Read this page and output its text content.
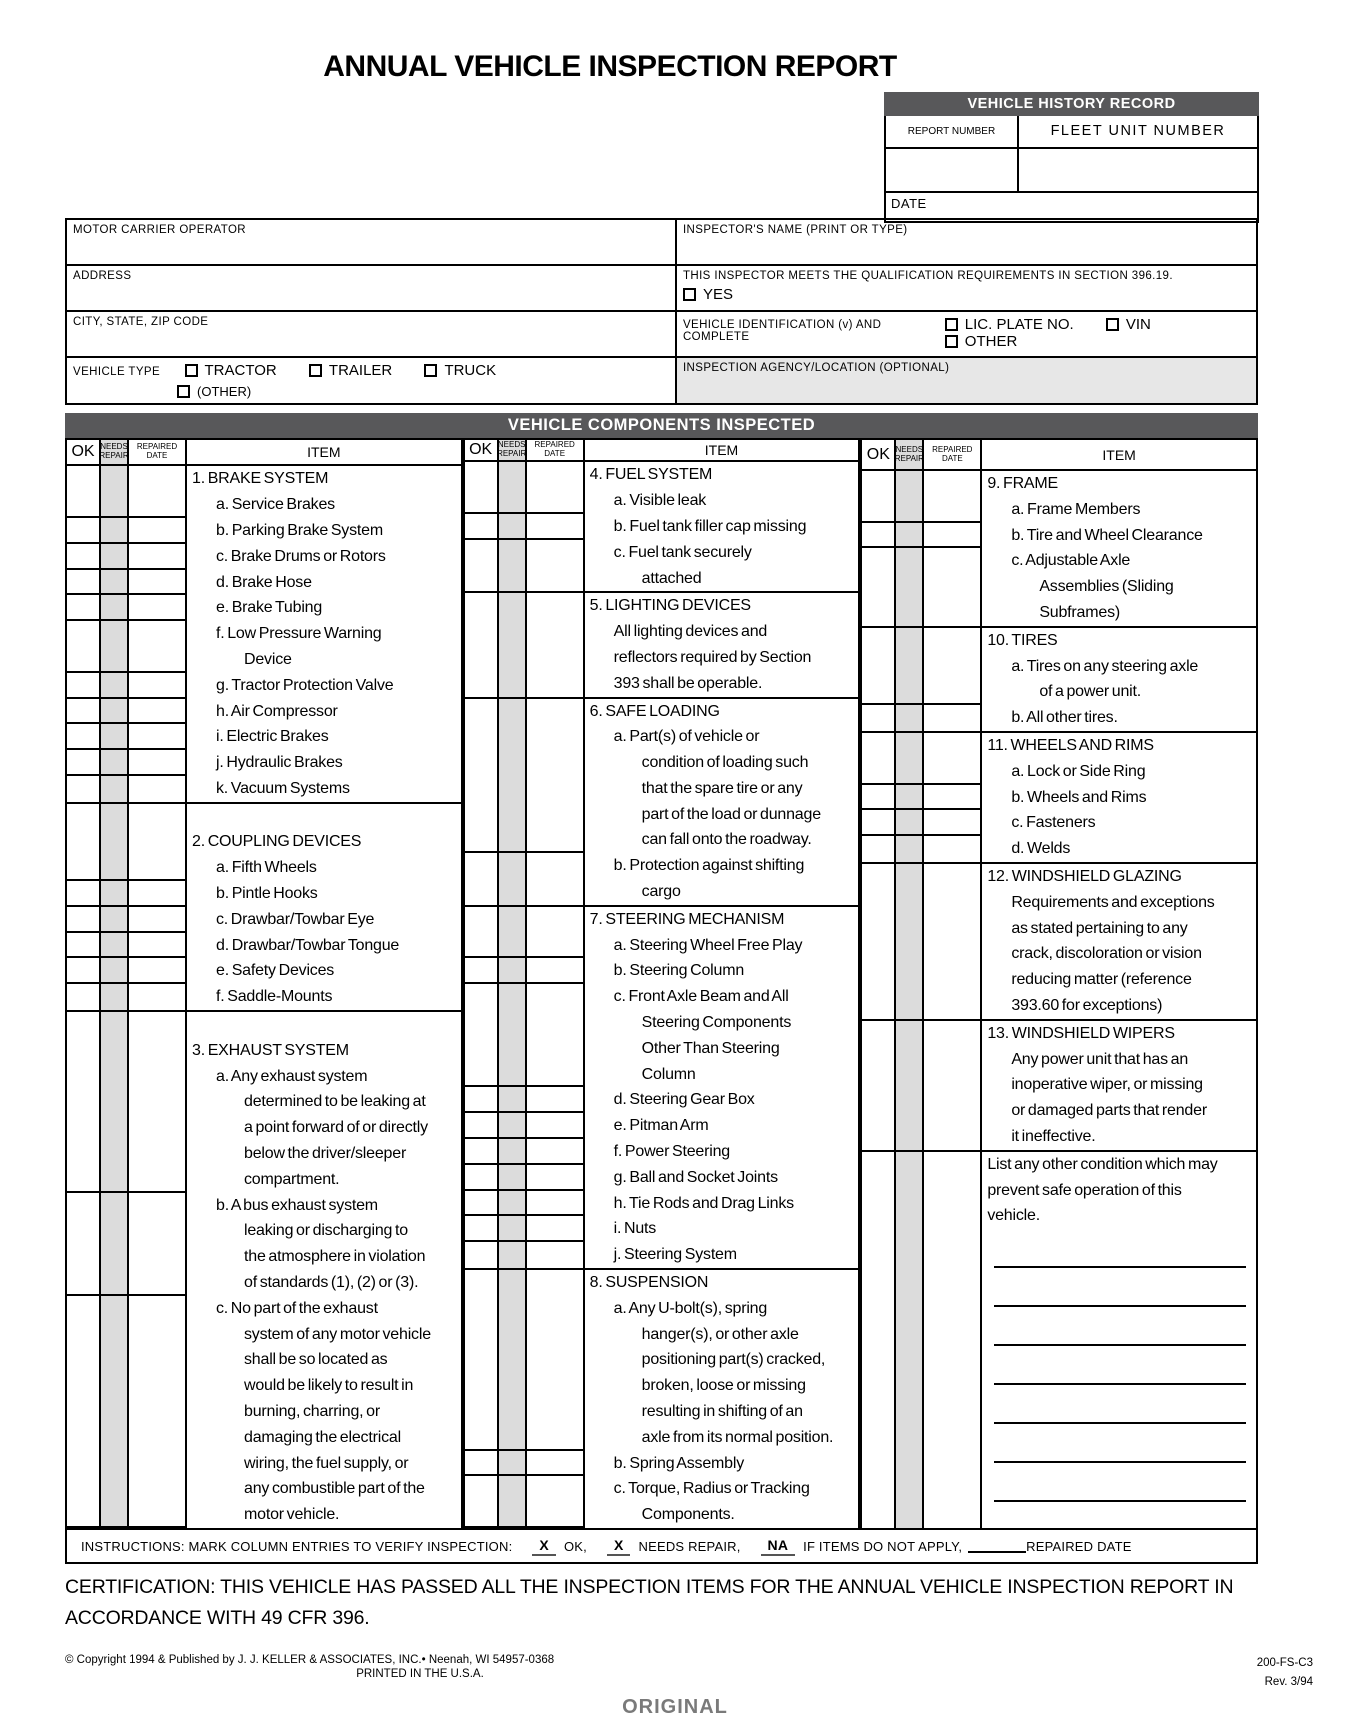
ANNUAL VEHICLE INSPECTION REPORT
VEHICLE HISTORY RECORD
REPORT NUMBER	FLEET UNIT NUMBER
DATE
MOTOR CARRIER OPERATOR	INSPECTOR'S NAME (PRINT OR TYPE)
ADDRESS	THIS INSPECTOR MEETS THE QUALIFICATION REQUIREMENTS IN SECTION 396.19.
YES
CITY, STATE, ZIP CODE	VEHICLE IDENTIFICATION (v) AND COMPLETE
LIC. PLATE NO.	VIN OTHER
VEHICLE TYPE	TRACTOR	TRAILER	TRUCK
(OTHER)
INSPECTION AGENCY/LOCATION (OPTIONAL)
VEHICLE COMPONENTS INSPECTED
OK NEEDS REPAIR
REPAIRED DATE	ITEM
1. BRAKE SYSTEM
a. Service Brakes
b. Parking Brake System
c. Brake Drums or Rotors
d. Brake Hose
e. Brake Tubing
f. Low Pressure Warning
Device
g. Tractor Protection Valve
h. Air Compressor
i. Electric Brakes
j. Hydraulic Brakes
k. Vacuum Systems

2. COUPLING DEVICES
a. Fifth Wheels
b. Pintle Hooks
c. Drawbar/Towbar Eye
d. Drawbar/Towbar Tongue
e. Safety Devices
f. Saddle-Mounts

3. EXHAUST SYSTEM
a. Any exhaust system
determined to be leaking at
a point forward of or directly
below the driver/sleeper
compartment.
b. A bus exhaust system
leaking or discharging to
the atmosphere in violation
of standards (1), (2) or (3).
c. No part of the exhaust
system of any motor vehicle
shall be so located as
would be likely to result in
burning, charring, or
damaging the electrical
wiring, the fuel supply, or
any combustible part of the
motor vehicle.
OK NEEDS REPAIR
REPAIRED DATE	ITEM
4. FUEL SYSTEM
a. Visible leak
b. Fuel tank filler cap missing
c. Fuel tank securely
attached
5. LIGHTING DEVICES
All lighting devices and
reflectors required by Section
393 shall be operable.
6. SAFE LOADING
a. Part(s) of vehicle or
condition of loading such
that the spare tire or any
part of the load or dunnage
can fall onto the roadway.
b. Protection against shifting
cargo
7. STEERING MECHANISM
a. Steering Wheel Free Play
b. Steering Column
c. Front Axle Beam and All
Steering Components
Other Than Steering
Column
d. Steering Gear Box
e. Pitman Arm
f. Power Steering
g. Ball and Socket Joints
h. Tie Rods and Drag Links
i. Nuts
j. Steering System
8. SUSPENSION
a. Any U-bolt(s), spring
hanger(s), or other axle
positioning part(s) cracked,
broken, loose or missing
resulting in shifting of an
axle from its normal position.
b. Spring Assembly
c. Torque, Radius or Tracking
Components.
OK NEEDS REPAIR
REPAIRED DATE	ITEM
9. FRAME
a. Frame Members
b. Tire and Wheel Clearance
c. Adjustable Axle
Assemblies (Sliding
Subframes)
10. TIRES
a. Tires on any steering axle
of a power unit.
b. All other tires.
11. WHEELS AND RIMS
a. Lock or Side Ring
b. Wheels and Rims
c. Fasteners
d. Welds
12. WINDSHIELD GLAZING
Requirements and exceptions
as stated pertaining to any
crack, discoloration or vision
reducing matter (reference
393.60 for exceptions)
13. WINDSHIELD WIPERS
Any power unit that has an
inoperative wiper, or missing
or damaged parts that render
it ineffective.
List any other condition which may
prevent safe operation of this
vehicle.
INSTRUCTIONS: MARK COLUMN ENTRIES TO VERIFY INSPECTION:	X	OK,	X	NEEDS REPAIR,	NA	IF ITEMS DO NOT APPLY,	REPAIRED DATE
CERTIFICATION: THIS VEHICLE HAS PASSED ALL THE INSPECTION ITEMS FOR THE ANNUAL VEHICLE INSPECTION REPORT IN ACCORDANCE WITH 49 CFR 396.
© Copyright 1994 & Published by J. J. KELLER & ASSOCIATES, INC.• Neenah, WI 54957-0368
PRINTED IN THE U.S.A.
200-FS-C3
Rev. 3/94
ORIGINAL
